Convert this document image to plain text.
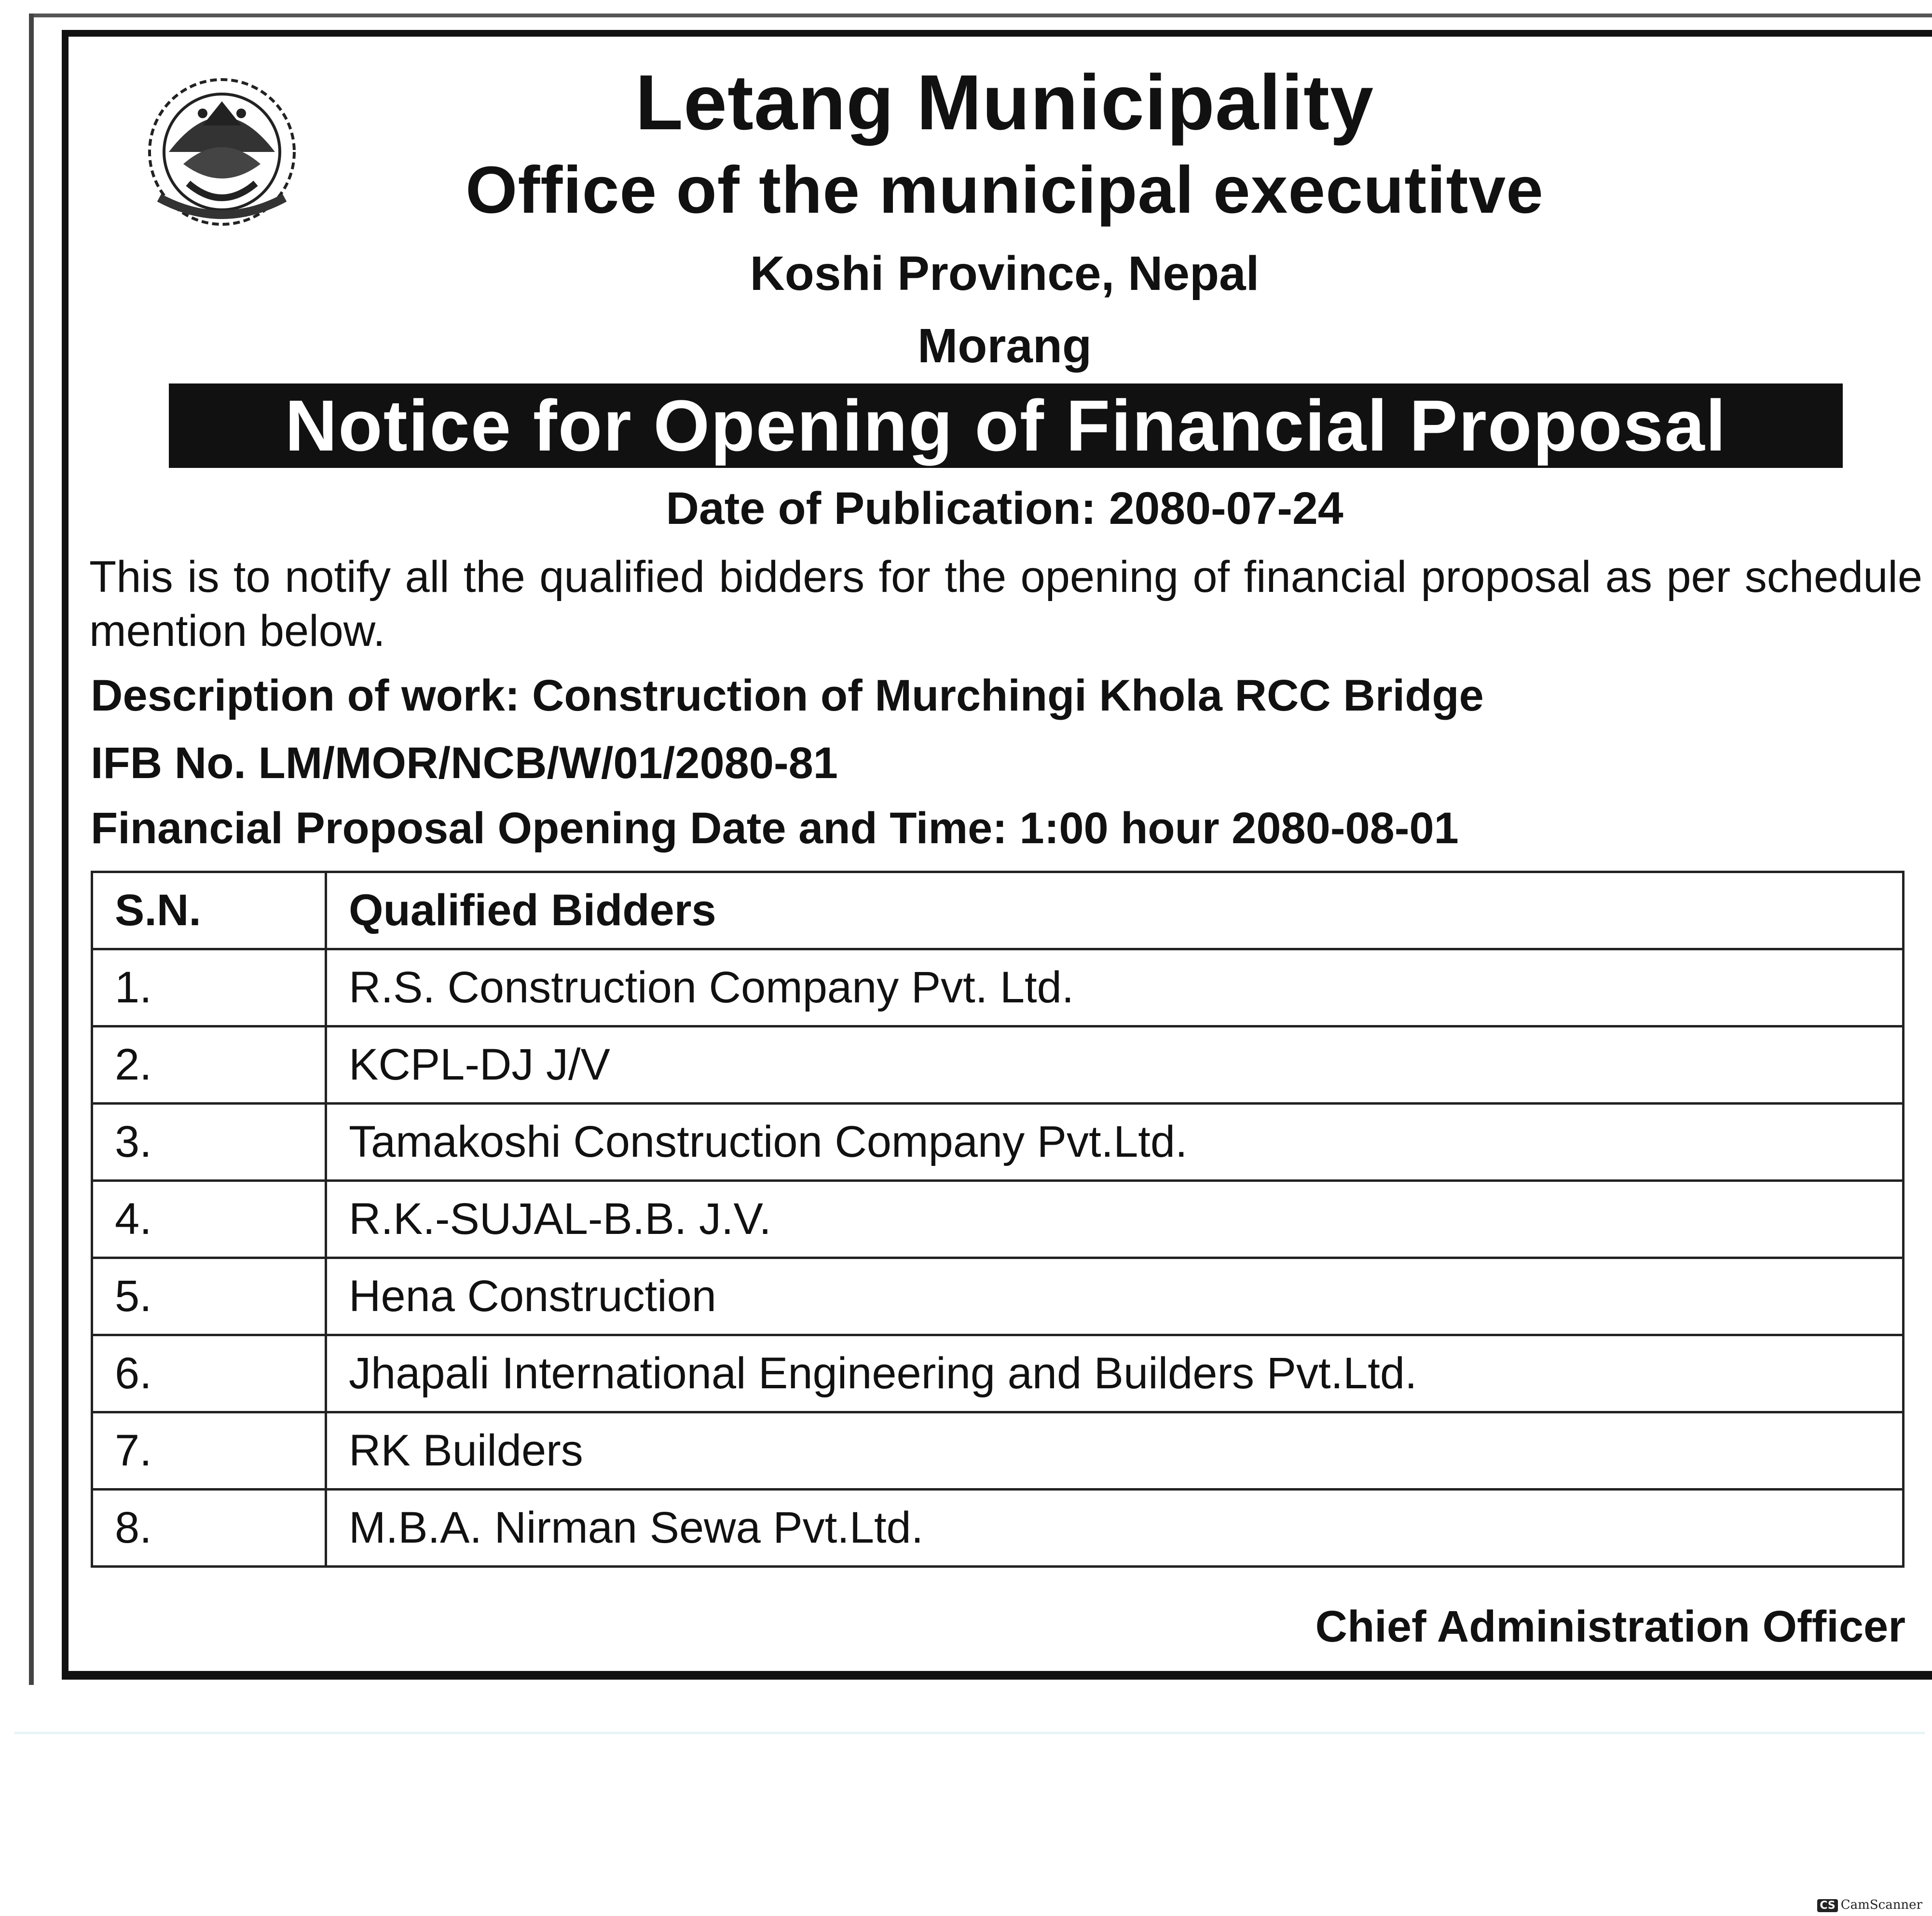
Letang Municipality
Office of the municipal executitve
Koshi Province, Nepal
Morang
Notice for Opening of Financial Proposal
Date of Publication: 2080-07-24
This is to notify all the qualified bidders for the opening of financial proposal as per schedule mention below.
Description of work: Construction of Murchingi Khola RCC Bridge
IFB No. LM/MOR/NCB/W/01/2080-81
Financial Proposal Opening Date and Time: 1:00 hour 2080-08-01
S.N.	Qualified Bidders
1.	R.S. Construction Company Pvt. Ltd.
2.	KCPL-DJ J/V
3.	Tamakoshi Construction Company Pvt.Ltd.
4.	R.K.-SUJAL-B.B. J.V.
5.	Hena Construction
6.	Jhapali International Engineering and Builders Pvt.Ltd.
7.	RK Builders
8.	M.B.A. Nirman Sewa Pvt.Ltd.
Chief Administration Officer
CS CamScanner
